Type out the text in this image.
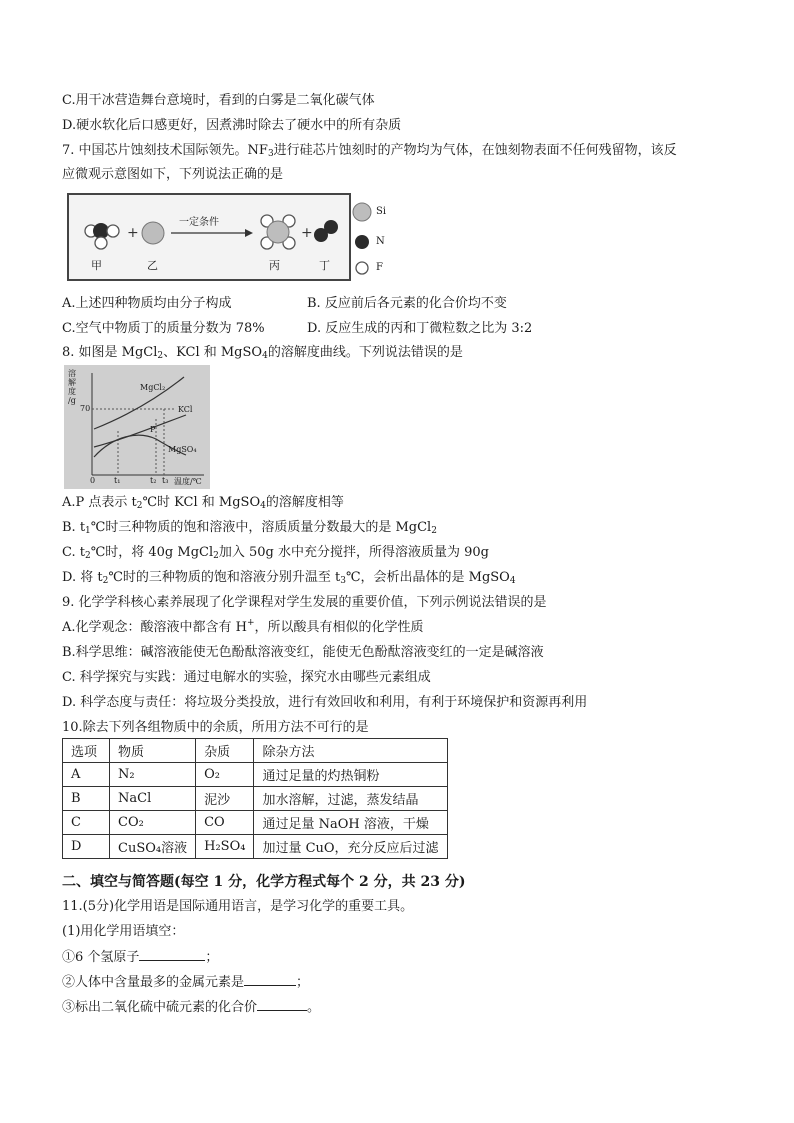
C.用干冰营造舞台意境时，看到的白雾是二氧化碳气体
D.硬水软化后口感更好，因煮沸时除去了硬水中的所有杂质
7. 中国芯片蚀刻技术国际领先。$NF_3$进行硅芯片蚀刻时的产物均为气体，在蚀刻物表面不任何残留物，该反
应微观示意图如下，下列说法正确的是
+	+
一定条件
甲	乙	丙	丁
Si
N
F
A.上述四种物质均由分子构成	B. 反应前后各元素的化合价均不变
C.空气中物质丁的质量分数为 78%	D. 反应生成的丙和丁微粒数之比为 3:2
8. 如图是 MgCl$_2$、KCl 和 MgSO$_4$的溶解度曲线。下列说法错误的是
溶
解
度
/g
70
MgCl₂
KCl
MgSO₄
P
0 t₁	t₂ t₃ 温度/℃
A.P 点表示 $t_2℃$时 KCl 和 MgSO$_4$的溶解度相等
B. $t_1℃$时三种物质的饱和溶液中，溶质质量分数最大的是 MgCl$_2$
C. $t_2℃$时，将 40g MgCl$_2$加入 50g 水中充分搅拌，所得溶液质量为 90g
D. 将 $t_2℃$时的三种物质的饱和溶液分别升温至 $t_3℃$，会析出晶体的是 MgSO$_4$
9. 化学学科核心素养展现了化学课程对学生发展的重要价值，下列示例说法错误的是
A.化学观念：酸溶液中都含有 H+，所以酸具有相似的化学性质
B.科学思维：碱溶液能使无色酚酞溶液变红，能使无色酚酞溶液变红的一定是碱溶液
C. 科学探究与实践：通过电解水的实验，探究水由哪些元素组成
D. 科学态度与责任：将垃圾分类投放，进行有效回收和利用，有利于环境保护和资源再利用
10.除去下列各组物质中的余质，所用方法不可行的是
选项	物质	杂质	除杂方法
A	N₂	O₂	通过足量的灼热铜粉
B	NaCl	泥沙	加水溶解，过滤，蒸发结晶
C	CO₂	CO	通过足量 NaOH 溶液，干燥
D	CuSO₄溶液	H₂SO₄	加过量 CuO，充分反应后过滤
二、填空与简答题(每空 1 分，化学方程式每个 2 分，共 23 分)
11.(5分)化学用语是国际通用语言，是学习化学的重要工具。
(1)用化学用语填空：
①6 个氢原子	；
②人体中含量最多的金属元素是	；
③标出二氧化硫中硫元素的化合价	。
